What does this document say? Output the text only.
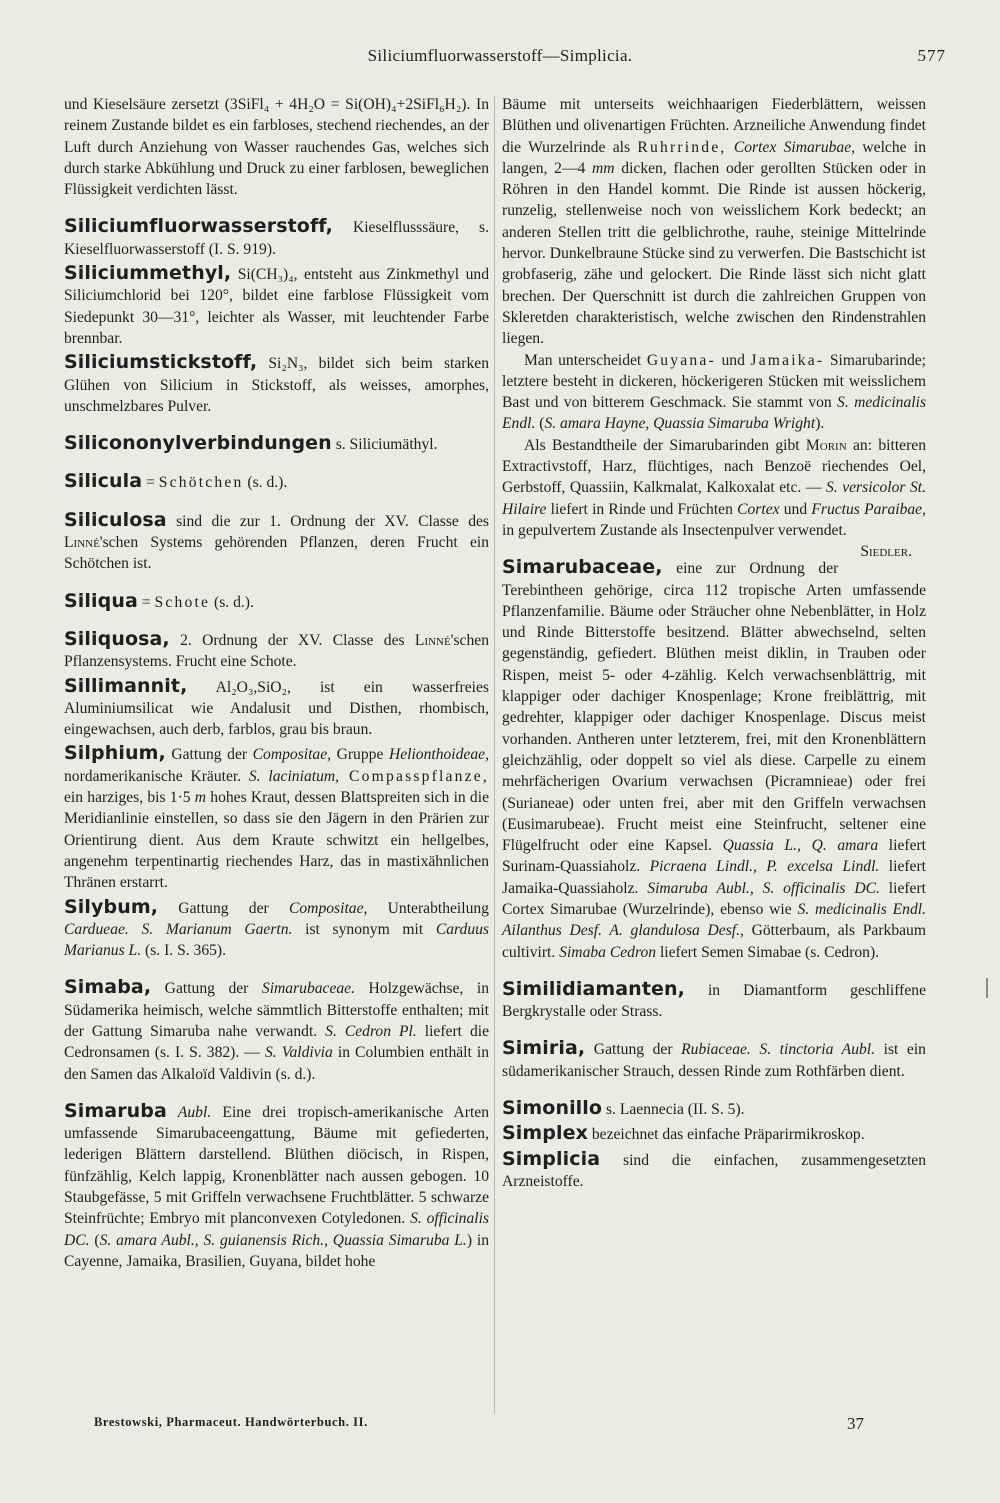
Siliciumfluorwasserstoff—Simplicia.	577

und Kieselsäure zersetzt (3SiFl₄ + 4H₂O = Si(OH)₄+2SiFl₆H₂). In reinem Zustande bildet es ein farbloses, stechend riechendes, an der Luft durch Anziehung von Wasser rauchendes Gas, welches sich durch starke Abkühlung und Druck zu einer farblosen, beweglichen Flüssigkeit verdichten lässt.

Siliciumfluorwasserstoff, Kieselflusssäure, s. Kieselfluorwasserstoff (I. S. 919).

Siliciummethyl, Si(CH₃)₄, entsteht aus Zinkmethyl und Siliciumchlorid bei 120°, bildet eine farblose Flüssigkeit vom Siedepunkt 30—31°, leichter als Wasser, mit leuchtender Farbe brennbar.

Siliciumstickstoff, Si₂N₃, bildet sich beim starken Glühen von Silicium in Stickstoff, als weisses, amorphes, unschmelzbares Pulver.

Silicononylverbindungen s. Siliciumäthyl.

Silicula = Schötchen (s. d.).

Siliculosa sind die zur 1. Ordnung der XV. Classe des Linné'schen Systems gehörenden Pflanzen, deren Frucht ein Schötchen ist.

Siliqua = Schote (s. d.).

Siliquosa, 2. Ordnung der XV. Classe des Linné'schen Pflanzensystems. Frucht eine Schote.

Sillimannit, Al₂O₃,SiO₂, ist ein wasserfreies Aluminiumsilicat wie Andalusit und Disthen, rhombisch, eingewachsen, auch derb, farblos, grau bis braun.

Silphium, Gattung der Compositae, Gruppe Helionthoideae, nordamerikanische Kräuter. S. laciniatum, Compasspflanze, ein harziges, bis 1·5 m hohes Kraut, dessen Blattspreiten sich in die Meridianlinie einstellen, so dass sie den Jägern in den Prärien zur Orientirung dient. Aus dem Kraute schwitzt ein hellgelbes, angenehm terpentinartig riechendes Harz, das in mastixähnlichen Thränen erstarrt.

Silybum, Gattung der Compositae, Unterabtheilung Cardueae. S. Marianum Gaertn. ist synonym mit Carduus Marianus L. (s. I. S. 365).

Simaba, Gattung der Simarubaceae. Holzgewächse, in Südamerika heimisch, welche sämmtlich Bitterstoffe enthalten; mit der Gattung Simaruba nahe verwandt. S. Cedron Pl. liefert die Cedronsamen (s. I. S. 382). — S. Valdivia in Columbien enthält in den Samen das Alkaloïd Valdivin (s. d.).

Simaruba Aubl. Eine drei tropisch-amerikanische Arten umfassende Simarubaceengattung, Bäume mit gefiederten, lederigen Blättern darstellend. Blüthen diöcisch, in Rispen, fünfzählig, Kelch lappig, Kronenblätter nach aussen gebogen. 10 Staubgefässe, 5 mit Griffeln verwachsene Fruchtblätter. 5 schwarze Steinfrüchte; Embryo mit planconvexen Cotyledonen. S. officinalis DC. (S. amara Aubl., S. guianensis Rich., Quassia Simaruba L.) in Cayenne, Jamaika, Brasilien, Guyana, bildet hohe

Bäume mit unterseits weichhaarigen Fiederblättern, weissen Blüthen und olivenartigen Früchten. Arzneiliche Anwendung findet die Wurzelrinde als Ruhrrinde, Cortex Simarubae, welche in langen, 2—4 mm dicken, flachen oder gerollten Stücken oder in Röhren in den Handel kommt. Die Rinde ist aussen höckerig, runzelig, stellenweise noch von weisslichem Kork bedeckt; an anderen Stellen tritt die gelblichrothe, rauhe, steinige Mittelrinde hervor. Dunkelbraune Stücke sind zu verwerfen. Die Bastschicht ist grobfaserig, zähe und gelockert. Die Rinde lässt sich nicht glatt brechen. Der Querschnitt ist durch die zahlreichen Gruppen von Skleretden charakteristisch, welche zwischen den Rindenstrahlen liegen.

Man unterscheidet Guyana- und Jamaika- Simarubarinde; letztere besteht in dickeren, höckerigeren Stücken mit weisslichem Bast und von bitterem Geschmack. Sie stammt von S. medicinalis Endl. (S. amara Hayne, Quassia Simaruba Wright).

Als Bestandtheile der Simarubarinden gibt Morin an: bitteren Extractivstoff, Harz, flüchtiges, nach Benzoë riechendes Oel, Gerbstoff, Quassiin, Kalkmalat, Kalkoxalat etc. — S. versicolor St. Hilaire liefert in Rinde und Früchten Cortex und Fructus Paraibae, in gepulvertem Zustande als Insectenpulver verwendet.
Siedler.

Simarubaceae, eine zur Ordnung der Terebintheen gehörige, circa 112 tropische Arten umfassende Pflanzenfamilie. Bäume oder Sträucher ohne Nebenblätter, in Holz und Rinde Bitterstoffe besitzend. Blätter abwechselnd, selten gegenständig, gefiedert. Blüthen meist diklin, in Trauben oder Rispen, meist 5- oder 4-zählig. Kelch verwachsenblättrig, mit klappiger oder dachiger Knospenlage; Krone freiblättrig, mit gedrehter, klappiger oder dachiger Knospenlage. Discus meist vorhanden. Antheren unter letzterem, frei, mit den Kronenblättern gleichzählig, oder doppelt so viel als diese. Carpelle zu einem mehrfächerigen Ovarium verwachsen (Picramnieae) oder frei (Surianeae) oder unten frei, aber mit den Griffeln verwachsen (Eusimarubeae). Frucht meist eine Steinfrucht, seltener eine Flügelfrucht oder eine Kapsel. Quassia L., Q. amara liefert Surinam-Quassiaholz. Picraena Lindl., P. excelsa Lindl. liefert Jamaika-Quassiaholz. Simaruba Aubl., S. officinalis DC. liefert Cortex Simarubae (Wurzelrinde), ebenso wie S. medicinalis Endl. Ailanthus Desf. A. glandulosa Desf., Götterbaum, als Parkbaum cultivirt. Simaba Cedron liefert Semen Simabae (s. Cedron).

Similidiamanten, in Diamantform geschliffene Bergkrystalle oder Strass.

Simiria, Gattung der Rubiaceae. S. tinctoria Aubl. ist ein südamerikanischer Strauch, dessen Rinde zum Rothfärben dient.

Simonillo s. Laennecia (II. S. 5).

Simplex bezeichnet das einfache Präparirmikroskop.

Simplicia sind die einfachen, zusammengesetzten Arzneistoffe.

Brestowski, Pharmaceut. Handwörterbuch. II.	37
